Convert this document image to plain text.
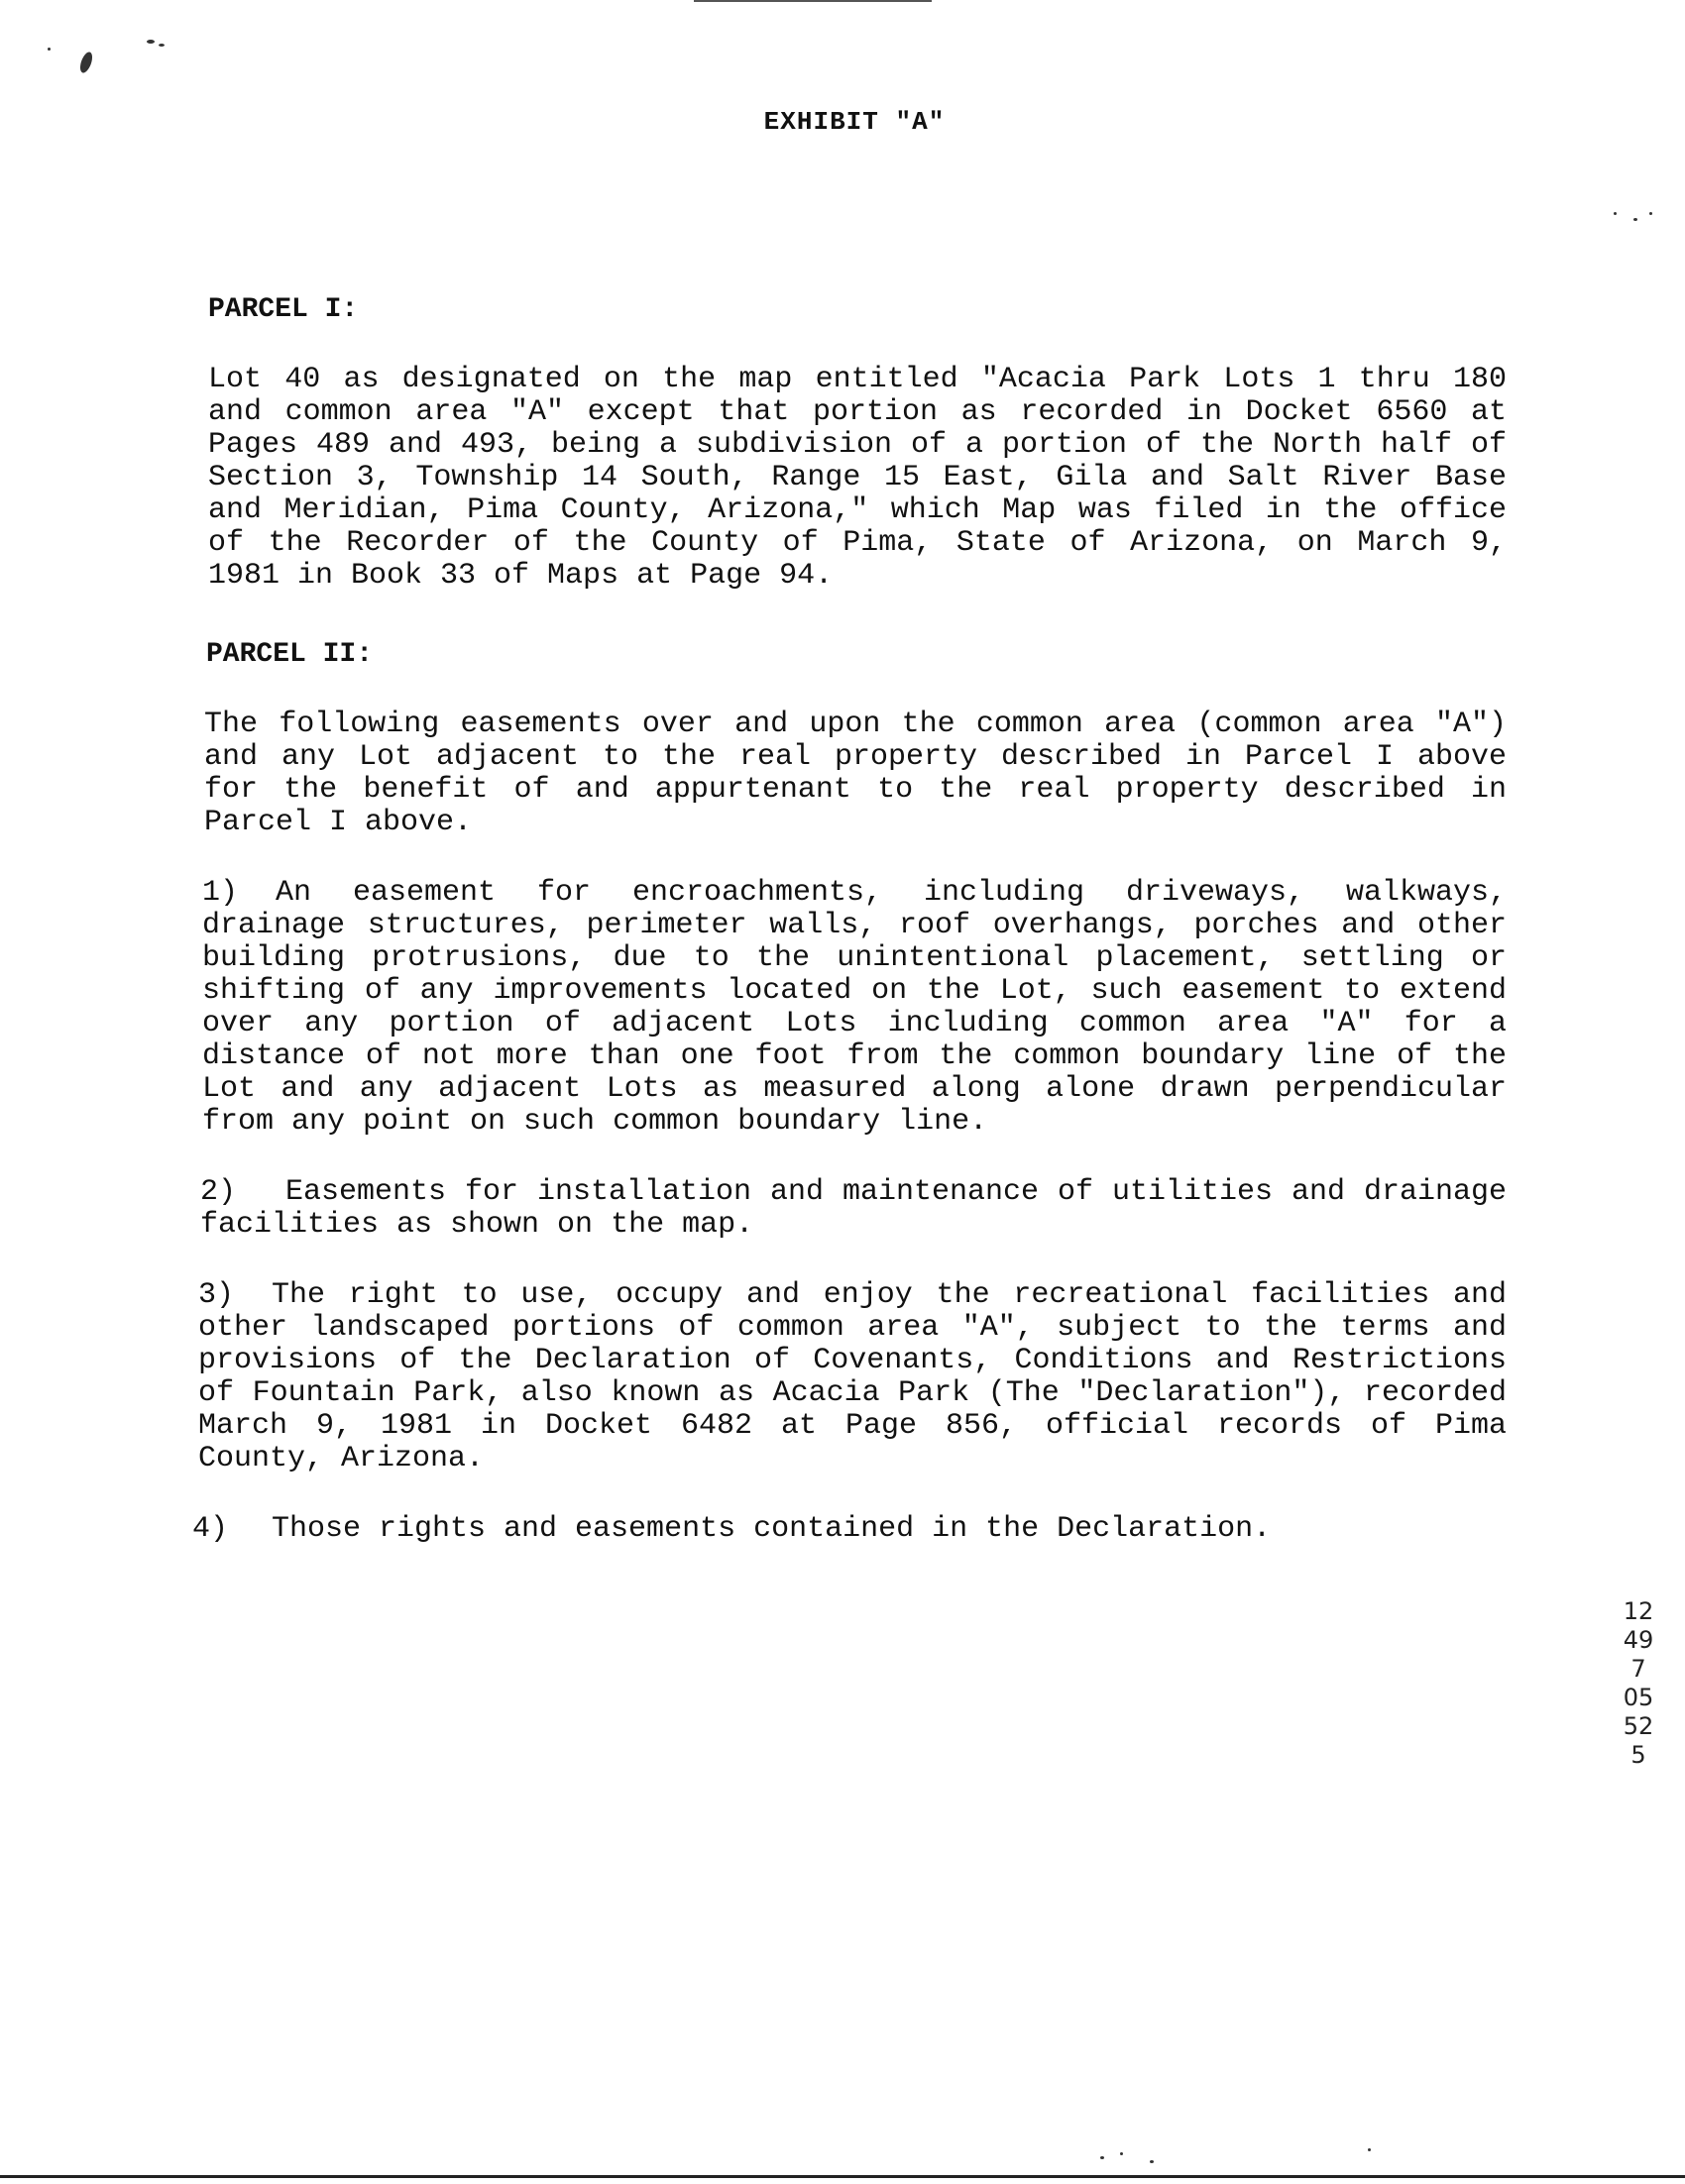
EXHIBIT "A"
PARCEL I:
Lot 40 as designated on the map entitled "Acacia Park Lots 1 thru 180 and common area "A" except that portion as recorded in Docket 6560 at Pages 489 and 493, being a subdivision of a portion of the North half of Section 3, Township 14 South, Range 15 East, Gila and Salt River Base and Meridian, Pima County, Arizona," which Map was filed in the office of the Recorder of the County of Pima, State of Arizona, on March 9, 1981 in Book 33 of Maps at Page 94.
PARCEL II:
The following easements over and upon the common area (common area "A") and any Lot adjacent to the real property described in Parcel I above for the benefit of and appurtenant to the real property described in Parcel I above.
1) An easement for encroachments, including driveways, walkways, drainage structures, perimeter walls, roof overhangs, porches and other building protrusions, due to the unintentional placement, settling or shifting of any improvements located on the Lot, such easement to extend over any portion of adjacent Lots including common area "A" for a distance of not more than one foot from the common boundary line of the Lot and any adjacent Lots as measured along alone drawn perpendicular from any point on such common boundary line.
2) Easements for installation and maintenance of utilities and drainage facilities as shown on the map.
3) The right to use, occupy and enjoy the recreational facilities and other landscaped portions of common area "A", subject to the terms and provisions of the Declaration of Covenants, Conditions and Restrictions of Fountain Park, also known as Acacia Park (The "Declaration"), recorded March 9, 1981 in Docket 6482 at Page 856, official records of Pima County, Arizona.
4) Those rights and easements contained in the Declaration.
12497 05525
